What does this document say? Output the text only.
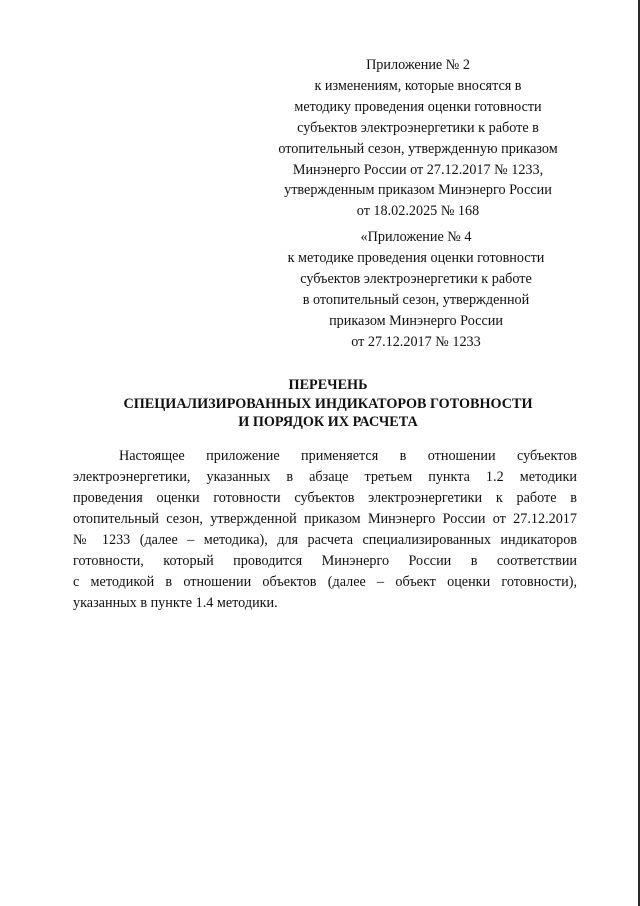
Приложение № 2
к изменениям, которые вносятся в
методику проведения оценки готовности
субъектов электроэнергетики к работе в
отопительный сезон, утвержденную приказом
Минэнерго России от 27.12.2017 № 1233,
утвержденным приказом Минэнерго России
от 18.02.2025 № 168
«Приложение № 4
к методике проведения оценки готовности
субъектов электроэнергетики к работе
в отопительный сезон, утвержденной
приказом Минэнерго России
от 27.12.2017 № 1233
ПЕРЕЧЕНЬ
СПЕЦИАЛИЗИРОВАННЫХ ИНДИКАТОРОВ ГОТОВНОСТИ
И ПОРЯДОК ИХ РАСЧЕТА

Настоящее приложение применяется в отношении субъектов
электроэнергетики, указанных в абзаце третьем пункта 1.2 методики
проведения оценки готовности субъектов электроэнергетики к работе в
отопительный сезон, утвержденной приказом Минэнерго России от 27.12.2017
№ 1233 (далее – методика), для расчета специализированных индикаторов
готовности, который проводится Минэнерго России в соответствии
с методикой в отношении объектов (далее – объект оценки готовности),
указанных в пункте 1.4 методики.
